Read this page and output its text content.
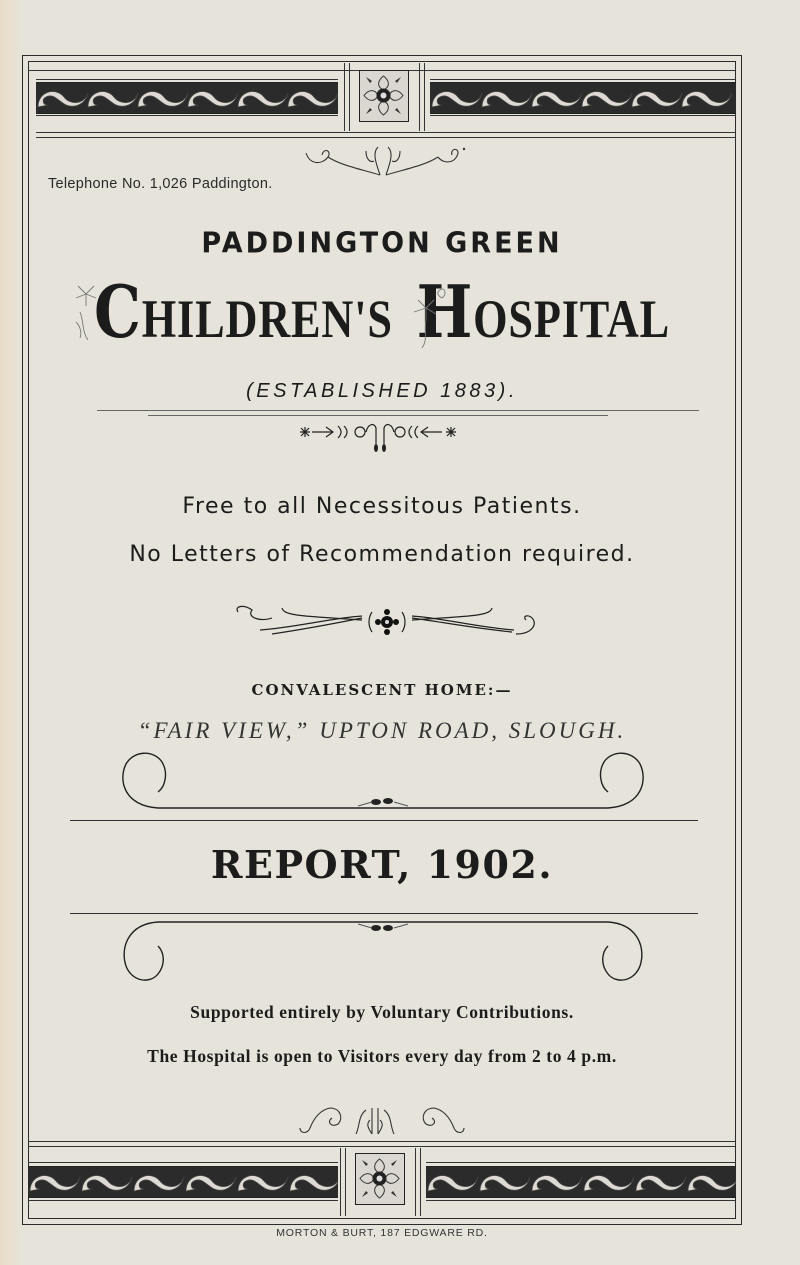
Telephone No. 1,026 Paddington.
PADDINGTON GREEN
CHILDREN'S HOSPITAL
(ESTABLISHED 1883).
Free to all Necessitous Patients.
No Letters of Recommendation required.
CONVALESCENT HOME:—
“FAIR VIEW,” UPTON ROAD, SLOUGH.
REPORT, 1902.
Supported entirely by Voluntary Contributions.
The Hospital is open to Visitors every day from 2 to 4 p.m.
MORTON & BURT, 187 EDGWARE RD.
